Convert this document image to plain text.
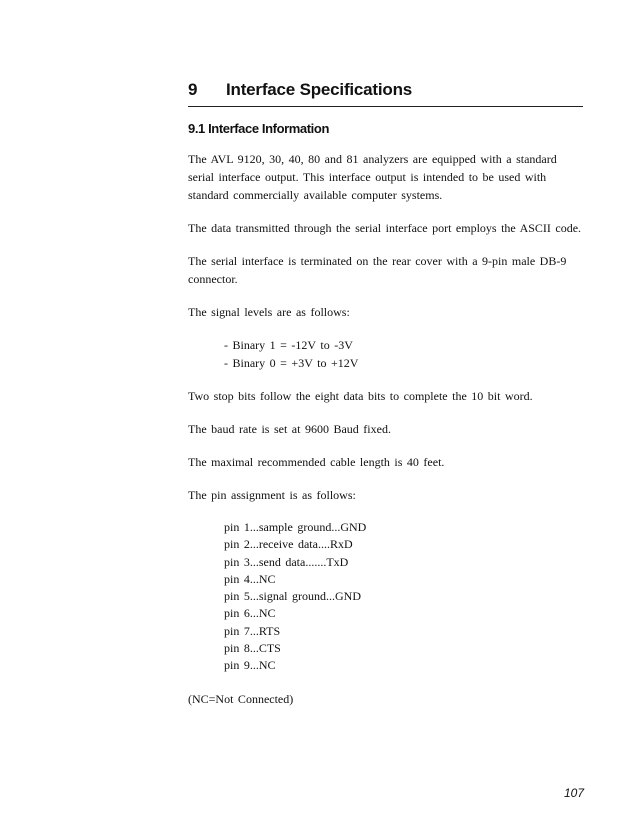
9 Interface Specifications
9.1 Interface Information

The AVL 9120, 30, 40, 80 and 81 analyzers are equipped with a standard
serial interface output. This interface output is intended to be used with
standard commercially available computer systems.

The data transmitted through the serial interface port employs the ASCII code.

The serial interface is terminated on the rear cover with a 9-pin male DB-9
connector.

The signal levels are as follows:

- Binary 1 = -12V to -3V
- Binary 0 = +3V to +12V

Two stop bits follow the eight data bits to complete the 10 bit word.

The baud rate is set at 9600 Baud fixed.

The maximal recommended cable length is 40 feet.

The pin assignment is as follows:

pin 1...sample ground...GND
pin 2...receive data....RxD
pin 3...send data.......TxD
pin 4...NC
pin 5...signal ground...GND
pin 6...NC
pin 7...RTS
pin 8...CTS
pin 9...NC

(NC=Not Connected)

107
